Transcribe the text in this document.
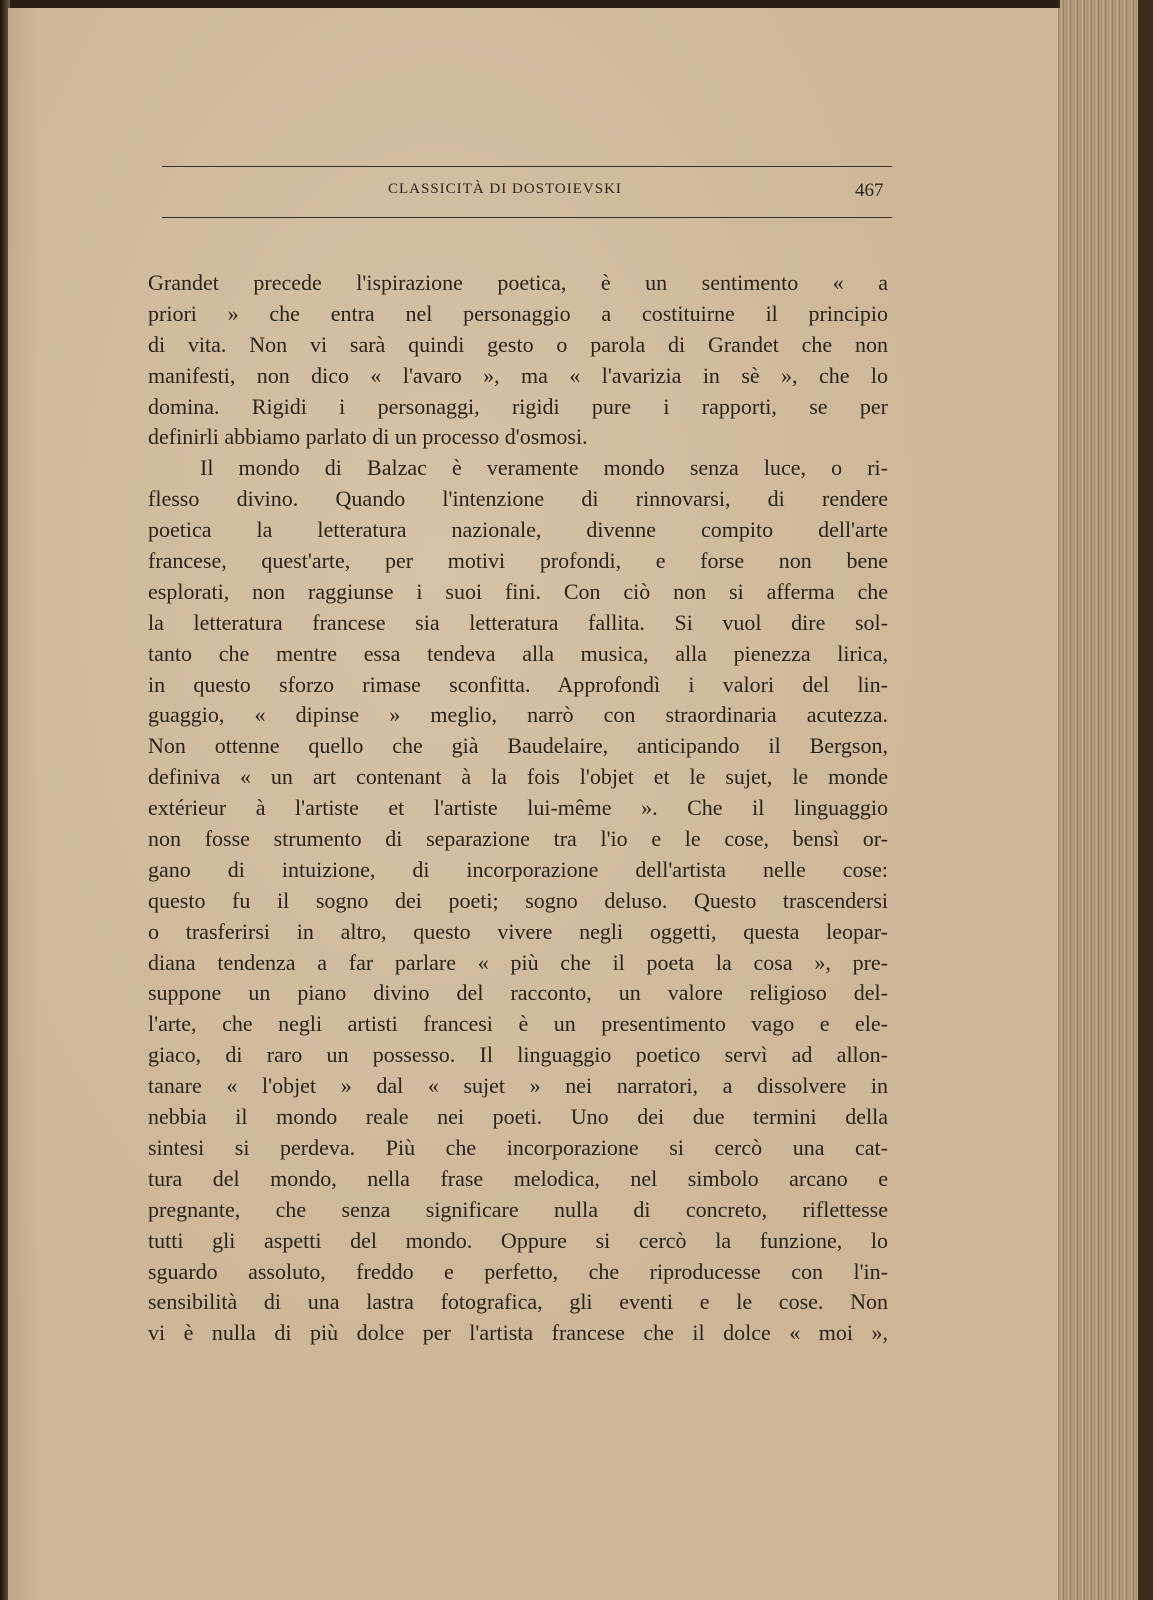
CLASSICITÀ DI DOSTOIEVSKI	467
Grandet precede l'ispirazione poetica, è un sentimento « a
priori » che entra nel personaggio a costituirne il principio
di vita. Non vi sarà quindi gesto o parola di Grandet che non
manifesti, non dico « l'avaro », ma « l'avarizia in sè », che lo
domina. Rigidi i personaggi, rigidi pure i rapporti, se per
definirli abbiamo parlato di un processo d'osmosi.
Il mondo di Balzac è veramente mondo senza luce, o ri-
flesso divino. Quando l'intenzione di rinnovarsi, di rendere
poetica la letteratura nazionale, divenne compito dell'arte
francese, quest'arte, per motivi profondi, e forse non bene
esplorati, non raggiunse i suoi fini. Con ciò non si afferma che
la letteratura francese sia letteratura fallita. Si vuol dire sol-
tanto che mentre essa tendeva alla musica, alla pienezza lirica,
in questo sforzo rimase sconfitta. Approfondì i valori del lin-
guaggio, « dipinse » meglio, narrò con straordinaria acutezza.
Non ottenne quello che già Baudelaire, anticipando il Bergson,
definiva « un art contenant à la fois l'objet et le sujet, le monde
extérieur à l'artiste et l'artiste lui-même ». Che il linguaggio
non fosse strumento di separazione tra l'io e le cose, bensì or-
gano di intuizione, di incorporazione dell'artista nelle cose:
questo fu il sogno dei poeti; sogno deluso. Questo trascendersi
o trasferirsi in altro, questo vivere negli oggetti, questa leopar-
diana tendenza a far parlare « più che il poeta la cosa », pre-
suppone un piano divino del racconto, un valore religioso del-
l'arte, che negli artisti francesi è un presentimento vago e ele-
giaco, di raro un possesso. Il linguaggio poetico servì ad allon-
tanare « l'objet » dal « sujet » nei narratori, a dissolvere in
nebbia il mondo reale nei poeti. Uno dei due termini della
sintesi si perdeva. Più che incorporazione si cercò una cat-
tura del mondo, nella frase melodica, nel simbolo arcano e
pregnante, che senza significare nulla di concreto, riflettesse
tutti gli aspetti del mondo. Oppure si cercò la funzione, lo
sguardo assoluto, freddo e perfetto, che riproducesse con l'in-
sensibilità di una lastra fotografica, gli eventi e le cose. Non
vi è nulla di più dolce per l'artista francese che il dolce « moi »,
